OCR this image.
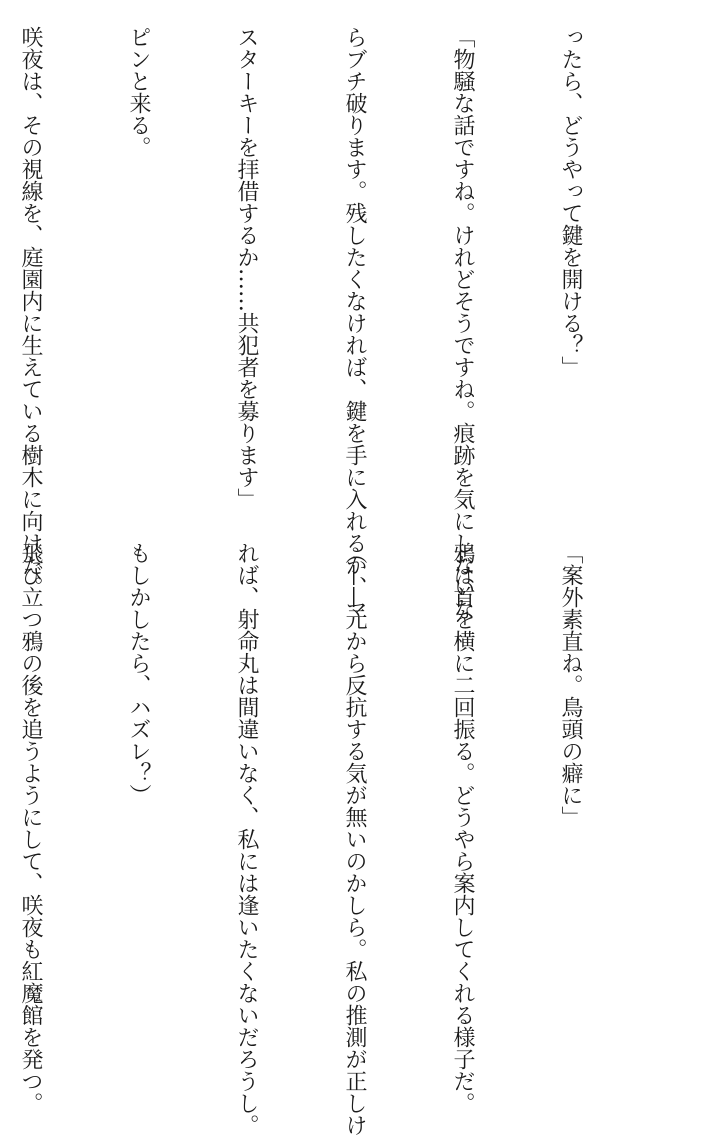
ったら、どうやって鍵を開ける？」

「物騒な話ですね。けれどそうですね。痕跡を気にしないな

らブチ破ります。残したくなければ、鍵を手に入れるか、マ

スターキーを拝借するか……共犯者を募ります」

ピンと来る。

咲夜は、その視線を、庭園内に生えている樹木に向けた。

「案外素直ね。鳥頭の癖に」

鴉は首を横に二回振る。どうやら案内してくれる様子だ。

（——元から反抗する気が無いのかしら。私の推測が正しけ

れば、射命丸は間違いなく、私には逢いたくないだろうし。

もしかしたら、ハズレ？）

飛び立つ鴉の後を追うようにして、咲夜も紅魔館を発つ。
